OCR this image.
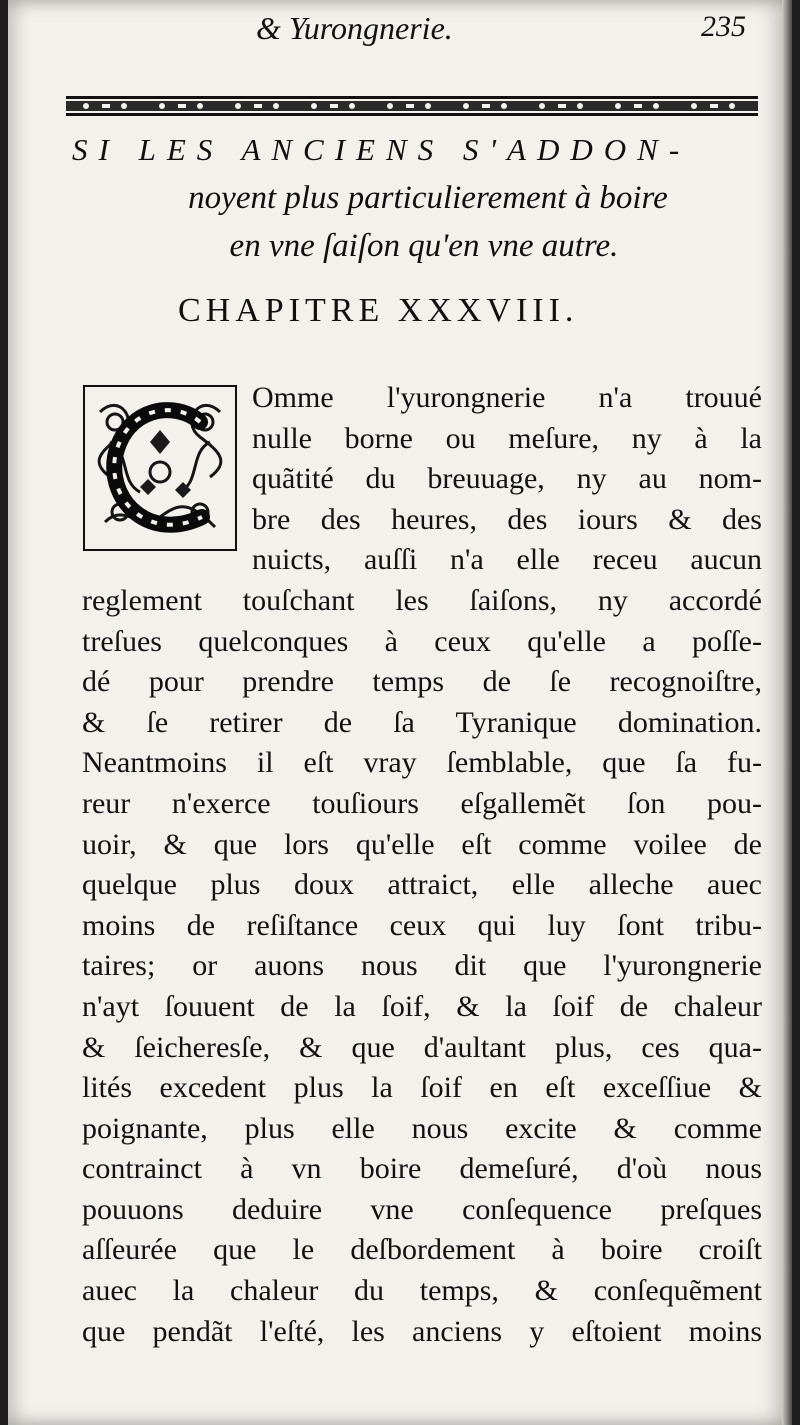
& Yurongnerie.	235
SI LES ANCIENS S'ADDON-
noyent plus particulierement à boire
en vne ſaiſon qu'en vne autre.
CHAPITRE XXXVIII.
Omme l'yurongnerie n'a trouué
nulle borne ou meſure, ny à la
quãtité du breuuage, ny au nom-
bre des heures, des iours & des
nuicts, auſſi n'a elle receu aucun
reglement touſchant les ſaiſons, ny accordé
treſues quelconques à ceux qu'elle a poſſe-
dé pour prendre temps de ſe recognoiſtre,
& ſe retirer de ſa Tyranique domination.
Neantmoins il eſt vray ſemblable, que ſa fu-
reur n'exerce touſiours eſgallemẽt ſon pou-
uoir, & que lors qu'elle eſt comme voilee de
quelque plus doux attraict, elle alleche auec
moins de reſiſtance ceux qui luy ſont tribu-
taires; or auons nous dit que l'yurongnerie
n'ayt ſouuent de la ſoif, & la ſoif de chaleur
& ſeicheresſe, & que d'aultant plus, ces qua-
lités excedent plus la ſoif en eſt exceſſiue &
poignante, plus elle nous excite & comme
contrainct à vn boire demeſuré, d'où nous
pouuons deduire vne conſequence preſques
aſſeurée que le deſbordement à boire croiſt
auec la chaleur du temps, & conſequẽment
que pendãt l'eſté, les anciens y eſtoient moins
